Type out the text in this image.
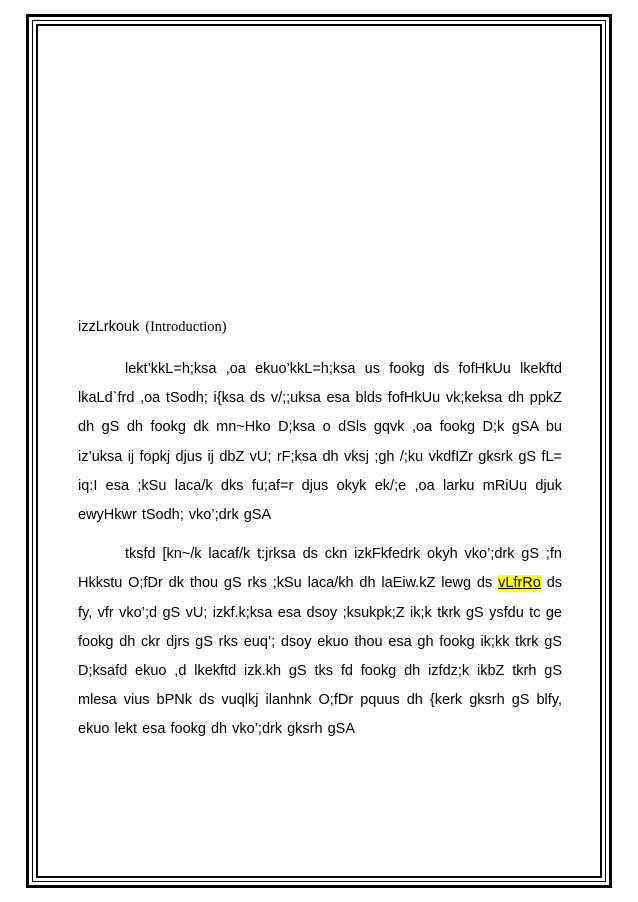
izzLrkouk (Introduction)

lekt’kkL=h;ksa ,oa ekuo’kkL=h;ksa us fookg ds fofHkUu lkekftd lkaLd`frd ,oa tSodh; i{ksa ds v/;;uksa esa blds fofHkUu vk;keksa dh ppkZ dh gS dh fookg dk mn~Hko D;ksa o dSls gqvk ,oa fookg D;k gSA bu iz’uksa ij fopkj djus ij dbZ vU; rF;ksa dh vksj ;gh /;ku vkdfIZr gksrk gS fL= iq:I esa ;kSu laca/k dks fu;af=r djus okyk ek/;e ,oa larku mRiUu djuk ewyHkwr tSodh; vko’;drk gSA

tksfd [kn~/k lacaf/k t:jrksa ds ckn izkFkfedrk okyh vko’;drk gS ;fn Hkkstu O;fDr dk thou gS rks ;kSu laca/kh dh laEiw.kZ lewg ds vLfrRo ds fy, vfr vko’;d gS vU; izkf.k;ksa esa dsoy ;ksukpk;Z ik;k tkrk gS ysfdu tc ge fookg dh ckr djrs gS rks euq’; dsoy ekuo thou esa gh fookg ik;kk tkrk gS D;ksafd ekuo ,d lkekftd izk.kh gS tks fd fookg dh izfdz;k ikbZ tkrh gS mlesa vius bPNk ds vuqlkj ilanhnk O;fDr pquus dh {kerk gksrh gS blfy, ekuo lekt esa fookg dh vko’;drk gksrh gSA
